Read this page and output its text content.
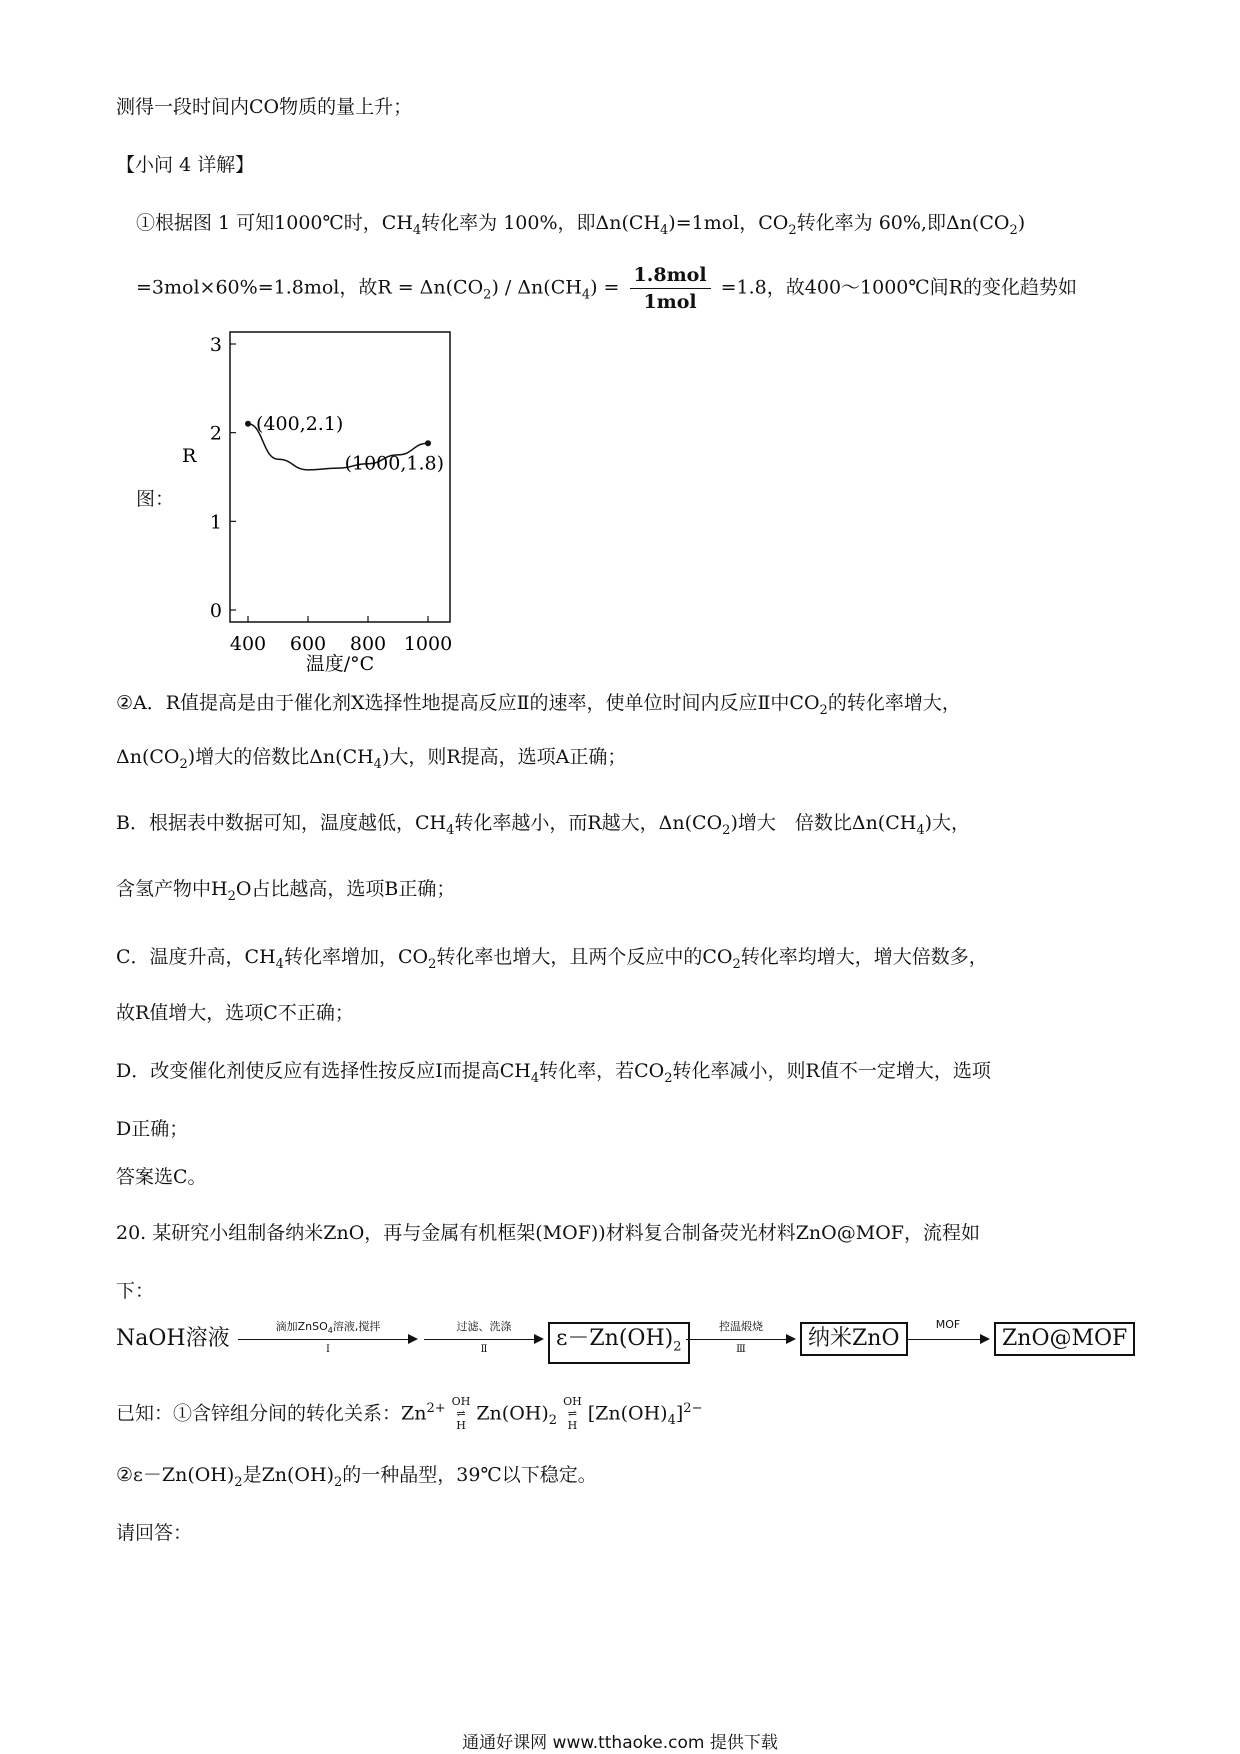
测得一段时间内CO物质的量上升；
【小问 4 详解】
①根据图 1 可知1000℃时，$CH_4$转化率为 100%，即$\Delta n(CH_4)=1mol$，$CO_2$转化率为 60%,即$\Delta n(CO_2)$
=3mol×60%=1.8mol，故$R = \Delta n(CO_2) / \Delta n(CH_4) = \frac{\text{1.8mol}}{\text{1mol}} =1.8$，故400～1000℃间R的变化趋势如
图：
0
1
2
3
400 600 800 1000
(400,2.1)
(1000,1.8)
R
温度/°C
②A．R值提高是由于催化剂X选择性地提高反应Ⅱ的速率，使单位时间内反应Ⅱ中$CO_2$的转化率增大，
$\Delta n(CO_2)$增大的倍数比$\Delta n(CH_4)$大，则R提高，选项A正确；
B．根据表中数据可知，温度越低，$CH_4$转化率越小，而R越大，$\Delta n(CO_2)$增大　倍数比$\Delta n(CH_4)$大，
含氢产物中$H_2O$占比越高，选项B正确；
C．温度升高，$CH_4$转化率增加，$CO_2$转化率也增大，且两个反应中的$CO_2$转化率均增大，增大倍数多，
故R值增大，选项C不正确；
D．改变催化剂使反应有选择性按反应Ⅰ而提高$CH_4$转化率，若$CO_2$转化率减小，则R值不一定增大，选项
D正确；
答案选C。
20. 某研究小组制备纳米ZnO，再与金属有机框架(MOF))材料复合制备荧光材料ZnO@MOF，流程如
下：
NaOH溶液	滴加ZnSO$_4$溶液,搅拌
Ⅰ
过滤、洗涤
Ⅱ	$\varepsilon-Zn(OH)_2$
控温煅烧
Ⅲ	纳米ZnO
MOF
ZnO@MOF
已知：①含锌组分间的转化关系：$Zn^{2+}$ OH
⇌
H $Zn(OH)_2$ OH
⇌
H $[Zn(OH)_4]^{2-}$
$②\varepsilon-Zn(OH)_2$是$Zn(OH)_2$的一种晶型，39℃以下稳定。
请回答：
通通好课网 www.tthaoke.com 提供下载
